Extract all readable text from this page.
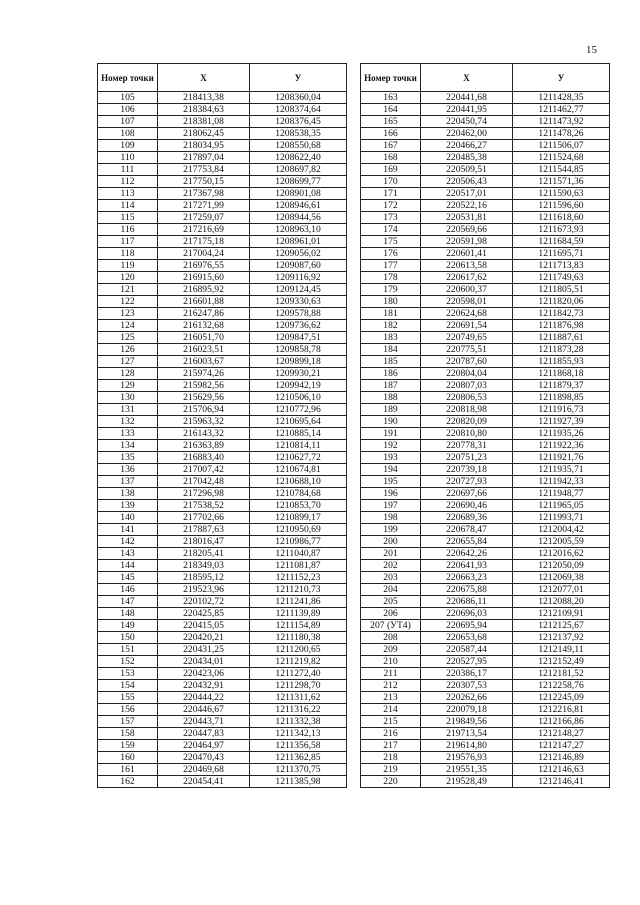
15
Номер точки	X	У
105	218413,38	1208360,04
106	218384,63	1208374,64
107	218381,08	1208376,45
108	218062,45	1208538,35
109	218034,95	1208550,68
110	217897,04	1208622,40
111	217753,84	1208697,82
112	217750,15	1208699,77
113	217367,98	1208901,08
114	217271,99	1208946,61
115	217259,07	1208944,56
116	217216,69	1208963,10
117	217175,18	1208961,01
118	217004,24	1209056,02
119	216976,55	1209087,60
120	216915,60	1209116,92
121	216895,92	1209124,45
122	216601,88	1209330,63
123	216247,86	1209578,88
124	216132,68	1209736,62
125	216051,70	1209847,51
126	216023,51	1209858,78
127	216003,67	1209899,18
128	215974,26	1209930,21
129	215982,56	1209942,19
130	215629,56	1210506,10
131	215706,94	1210772,96
132	215963,32	1210695,64
133	216143,32	1210885,14
134	216363,89	1210814,11
135	216883,40	1210627,72
136	217007,42	1210674,81
137	217042,48	1210688,10
138	217296,98	1210784,68
139	217538,52	1210853,70
140	217702,66	1210899,17
141	217887,63	1210950,69
142	218016,47	1210986,77
143	218205,41	1211040,87
144	218349,03	1211081,87
145	218595,12	1211152,23
146	219523,96	1211210,73
147	220102,72	1211241,86
148	220425,85	1211139,89
149	220415,05	1211154,89
150	220420,21	1211180,38
151	220431,25	1211200,65
152	220434,01	1211219,82
153	220423,06	1211272,40
154	220432,91	1211298,70
155	220444,22	1211311,62
156	220446,67	1211316,22
157	220443,71	1211332,38
158	220447,83	1211342,13
159	220464,97	1211356,58
160	220470,43	1211362,85
161	220469,68	1211370,75
162	220454,41	1211385,98
Номер точки	X	У
163	220441,68	1211428,35
164	220441,95	1211462,77
165	220450,74	1211473,92
166	220462,00	1211478,26
167	220466,27	1211506,07
168	220485,38	1211524,68
169	220509,51	1211544,85
170	220506,43	1211571,36
171	220517,01	1211590,63
172	220522,16	1211596,60
173	220531,81	1211618,60
174	220569,66	1211673,93
175	220591,98	1211684,59
176	220601,41	1211695,71
177	220613,58	1211713,83
178	220617,62	1211749,63
179	220600,37	1211805,51
180	220598,01	1211820,06
181	220624,68	1211842,73
182	220691,54	1211876,98
183	220749,65	1211887,61
184	220775,51	1211873,28
185	220787,60	1211855,93
186	220804,04	1211868,18
187	220807,03	1211879,37
188	220806,53	1211898,85
189	220818,98	1211916,73
190	220820,09	1211927,39
191	220810,80	1211935,26
192	220778,31	1211922,36
193	220751,23	1211921,76
194	220739,18	1211935,71
195	220727,93	1211942,33
196	220697,66	1211948,77
197	220690,46	1211965,05
198	220689,36	1211993,71
199	220678,47	1212004,42
200	220655,84	1212005,59
201	220642,26	1212016,62
202	220641,93	1212050,09
203	220663,23	1212069,38
204	220675,88	1212077,01
205	220686,11	1212088,20
206	220696,03	1212109,91
207 (УТ4)	220695,94	1212125,67
208	220653,68	1212137,92
209	220587,44	1212149,11
210	220527,95	1212152,49
211	220386,17	1212181,52
212	220307,53	1212258,76
213	220262,66	1212245,09
214	220079,18	1212216,81
215	219849,56	1212166,86
216	219713,54	1212148,27
217	219614,80	1212147,27
218	219576,93	1212146,89
219	219551,35	1212146,63
220	219528,49	1212146,41
